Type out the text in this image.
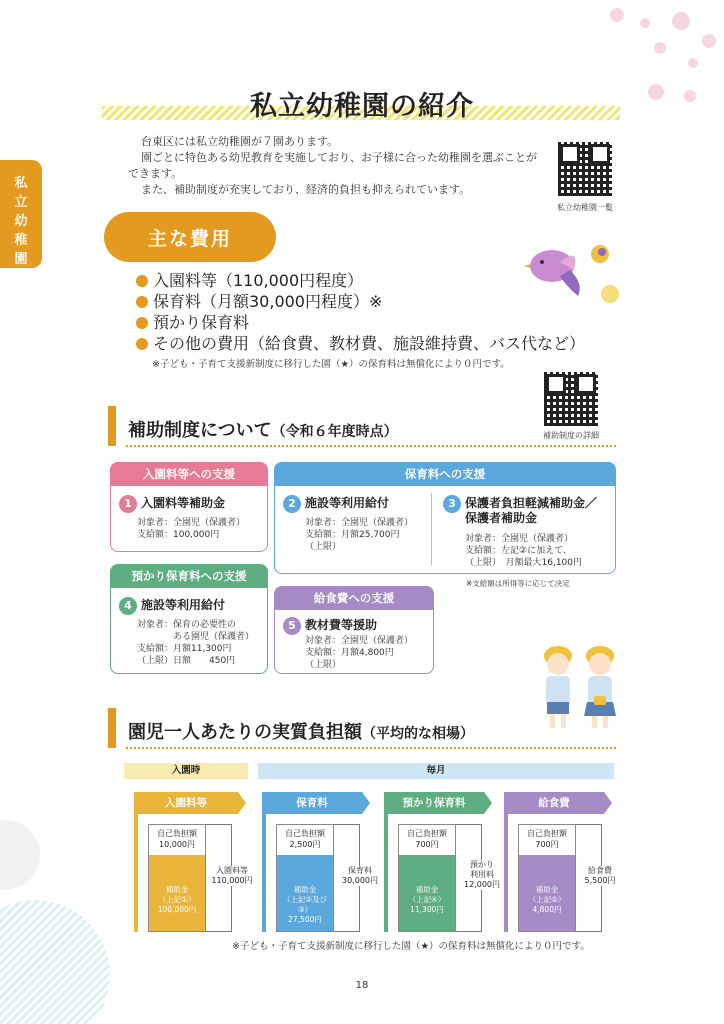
私立幼稚園
私立幼稚園の紹介

台東区には私立幼稚園が７園あります。

園ごとに特色ある幼児教育を実施しており、お子様に合った幼稚園を選ぶことができます。

また、補助制度が充実しており、経済的負担も抑えられています。

私立幼稚園一覧
主な費用
入園料等（110,000円程度）
保育料（月額30,000円程度）※
預かり保育料
その他の費用（給食費、教材費、施設維持費、バス代など）
※子ども・子育て支援新制度に移行した園（★）の保育料は無償化により０円です。
補助制度の詳細
補助制度について（令和６年度時点）
入園料等への支援
1 入園料等補助金
対象者：全園児（保護者）
支給額：100,000円
保育料への支援
2 施設等利用給付
対象者：全園児（保護者）
支給額：月額25,700円
（上限）
3 保護者負担軽減補助金／
保護者補助金
対象者：全園児（保護者）
支給額：左記②に加えて、
（上限）　月額最大16,100円
※支給額は所得等に応じて決定
預かり保育料への支援
4 施設等利用給付
対象者：保育の必要性の
　　　　ある園児（保護者）
支給額：月額11,300円
（上限）日額　　450円
給食費への支援
5 教材費等援助
対象者：全園児（保護者）
支給額：月額4,800円
（上限）
園児一人あたりの実質負担額（平均的な相場）
入園時	毎月
入園料等
自己負担額
10,000円
補助金
（上記①）
100,000円
入園料等
110,000円
保育料
自己負担額
2,500円
補助金
（上記②及び③）
27,500円
保育料
30,000円
預かり保育料
自己負担額
700円
補助金
（上記④）
11,300円
預かり
利用料
12,000円
給食費
自己負担額
700円
補助金
（上記⑤）
4,800円
給食費
5,500円
※子ども・子育て支援新制度に移行した園（★）の保育料は無償化により０円です。
18
